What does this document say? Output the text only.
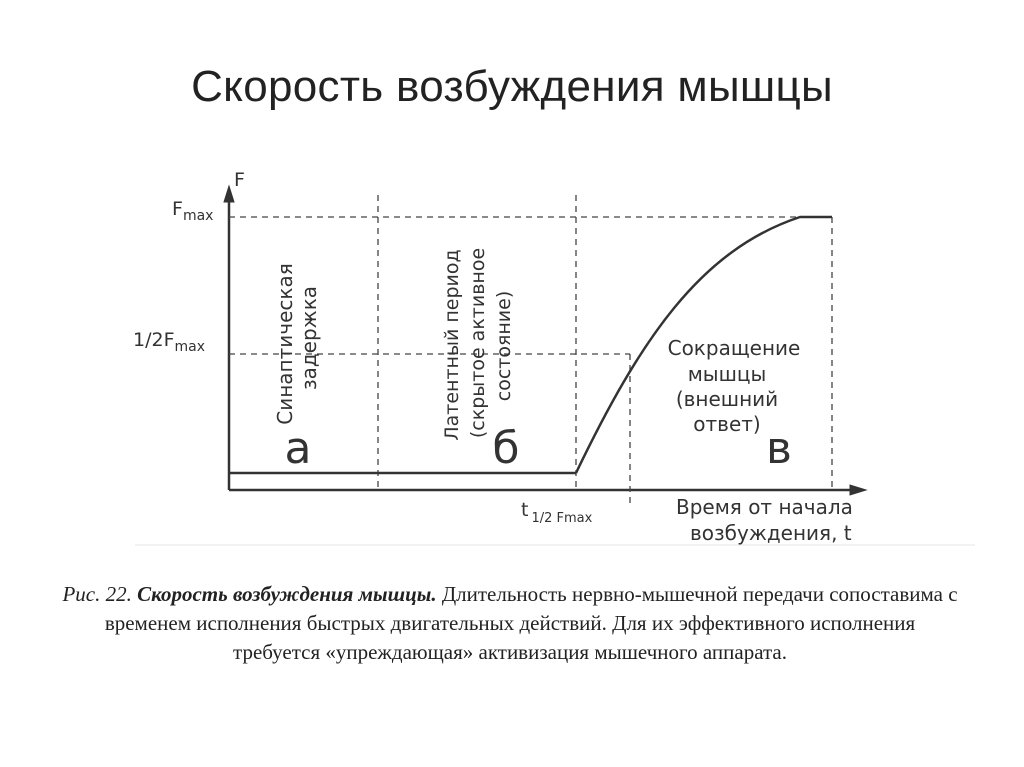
Скорость возбуждения мышцы
F
$F_{max}$
$1/2F_{max}$
t $_{1/2 Fmax}$	Время от начала
возбуждения, t
Синаптическая задержка
а
Латентный период (скрытое активное состояние)
б
Сокращение
мышцы
(внешний
ответ) в
Рис. 22. Скорость возбуждения мышцы. Длительность нервно-мышечной передачи сопоставима с временем исполнения быстрых двигательных действий. Для их эффективного исполнения требуется «упреждающая» активизация мышечного аппарата.
